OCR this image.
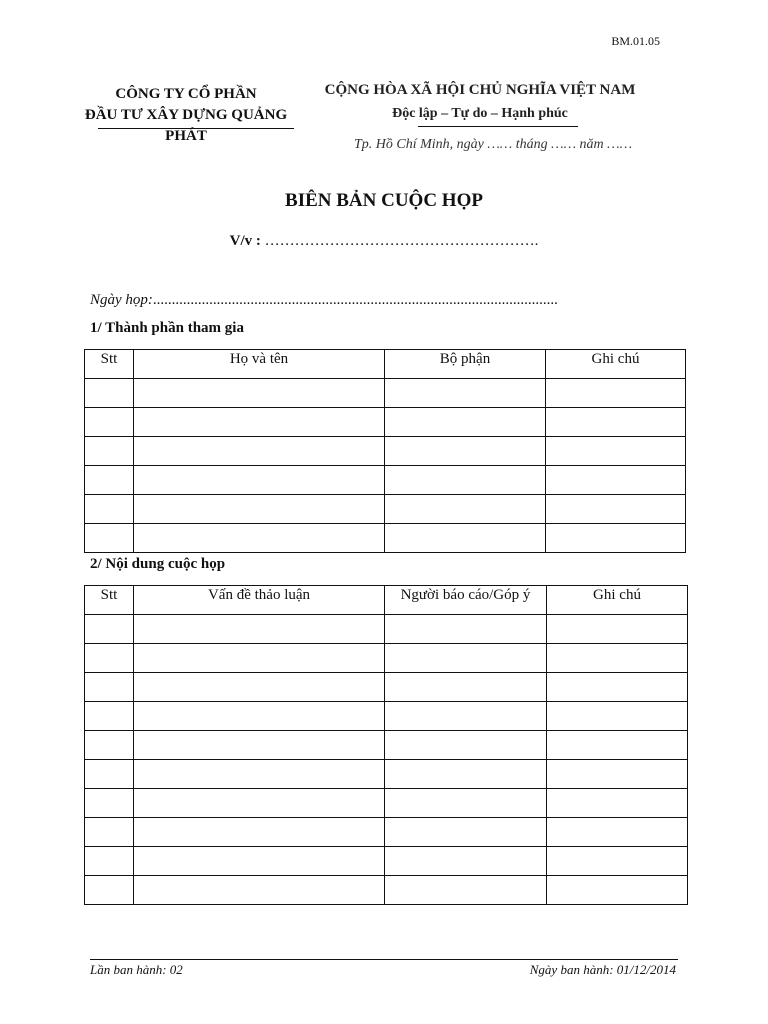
BM.01.05
CÔNG TY CỔ PHẦN
ĐẦU TƯ XÂY DỰNG QUẢNG PHÁT
CỘNG HÒA XÃ HỘI CHỦ NGHĨA VIỆT NAM
Độc lập – Tự do – Hạnh phúc
Tp. Hồ Chí Minh, ngày …… tháng …… năm ……
BIÊN BẢN CUỘC HỌP
V/v : ……………………………………………….
Ngày họp:............................................................................................................
1/ Thành phần tham gia
Stt	Họ và tên	Bộ phận	Ghi chú

2/ Nội dung cuộc họp
Stt	Vấn đề thảo luận	Người báo cáo/Góp ý	Ghi chú

Lần ban hành: 02	Ngày ban hành: 01/12/2014
